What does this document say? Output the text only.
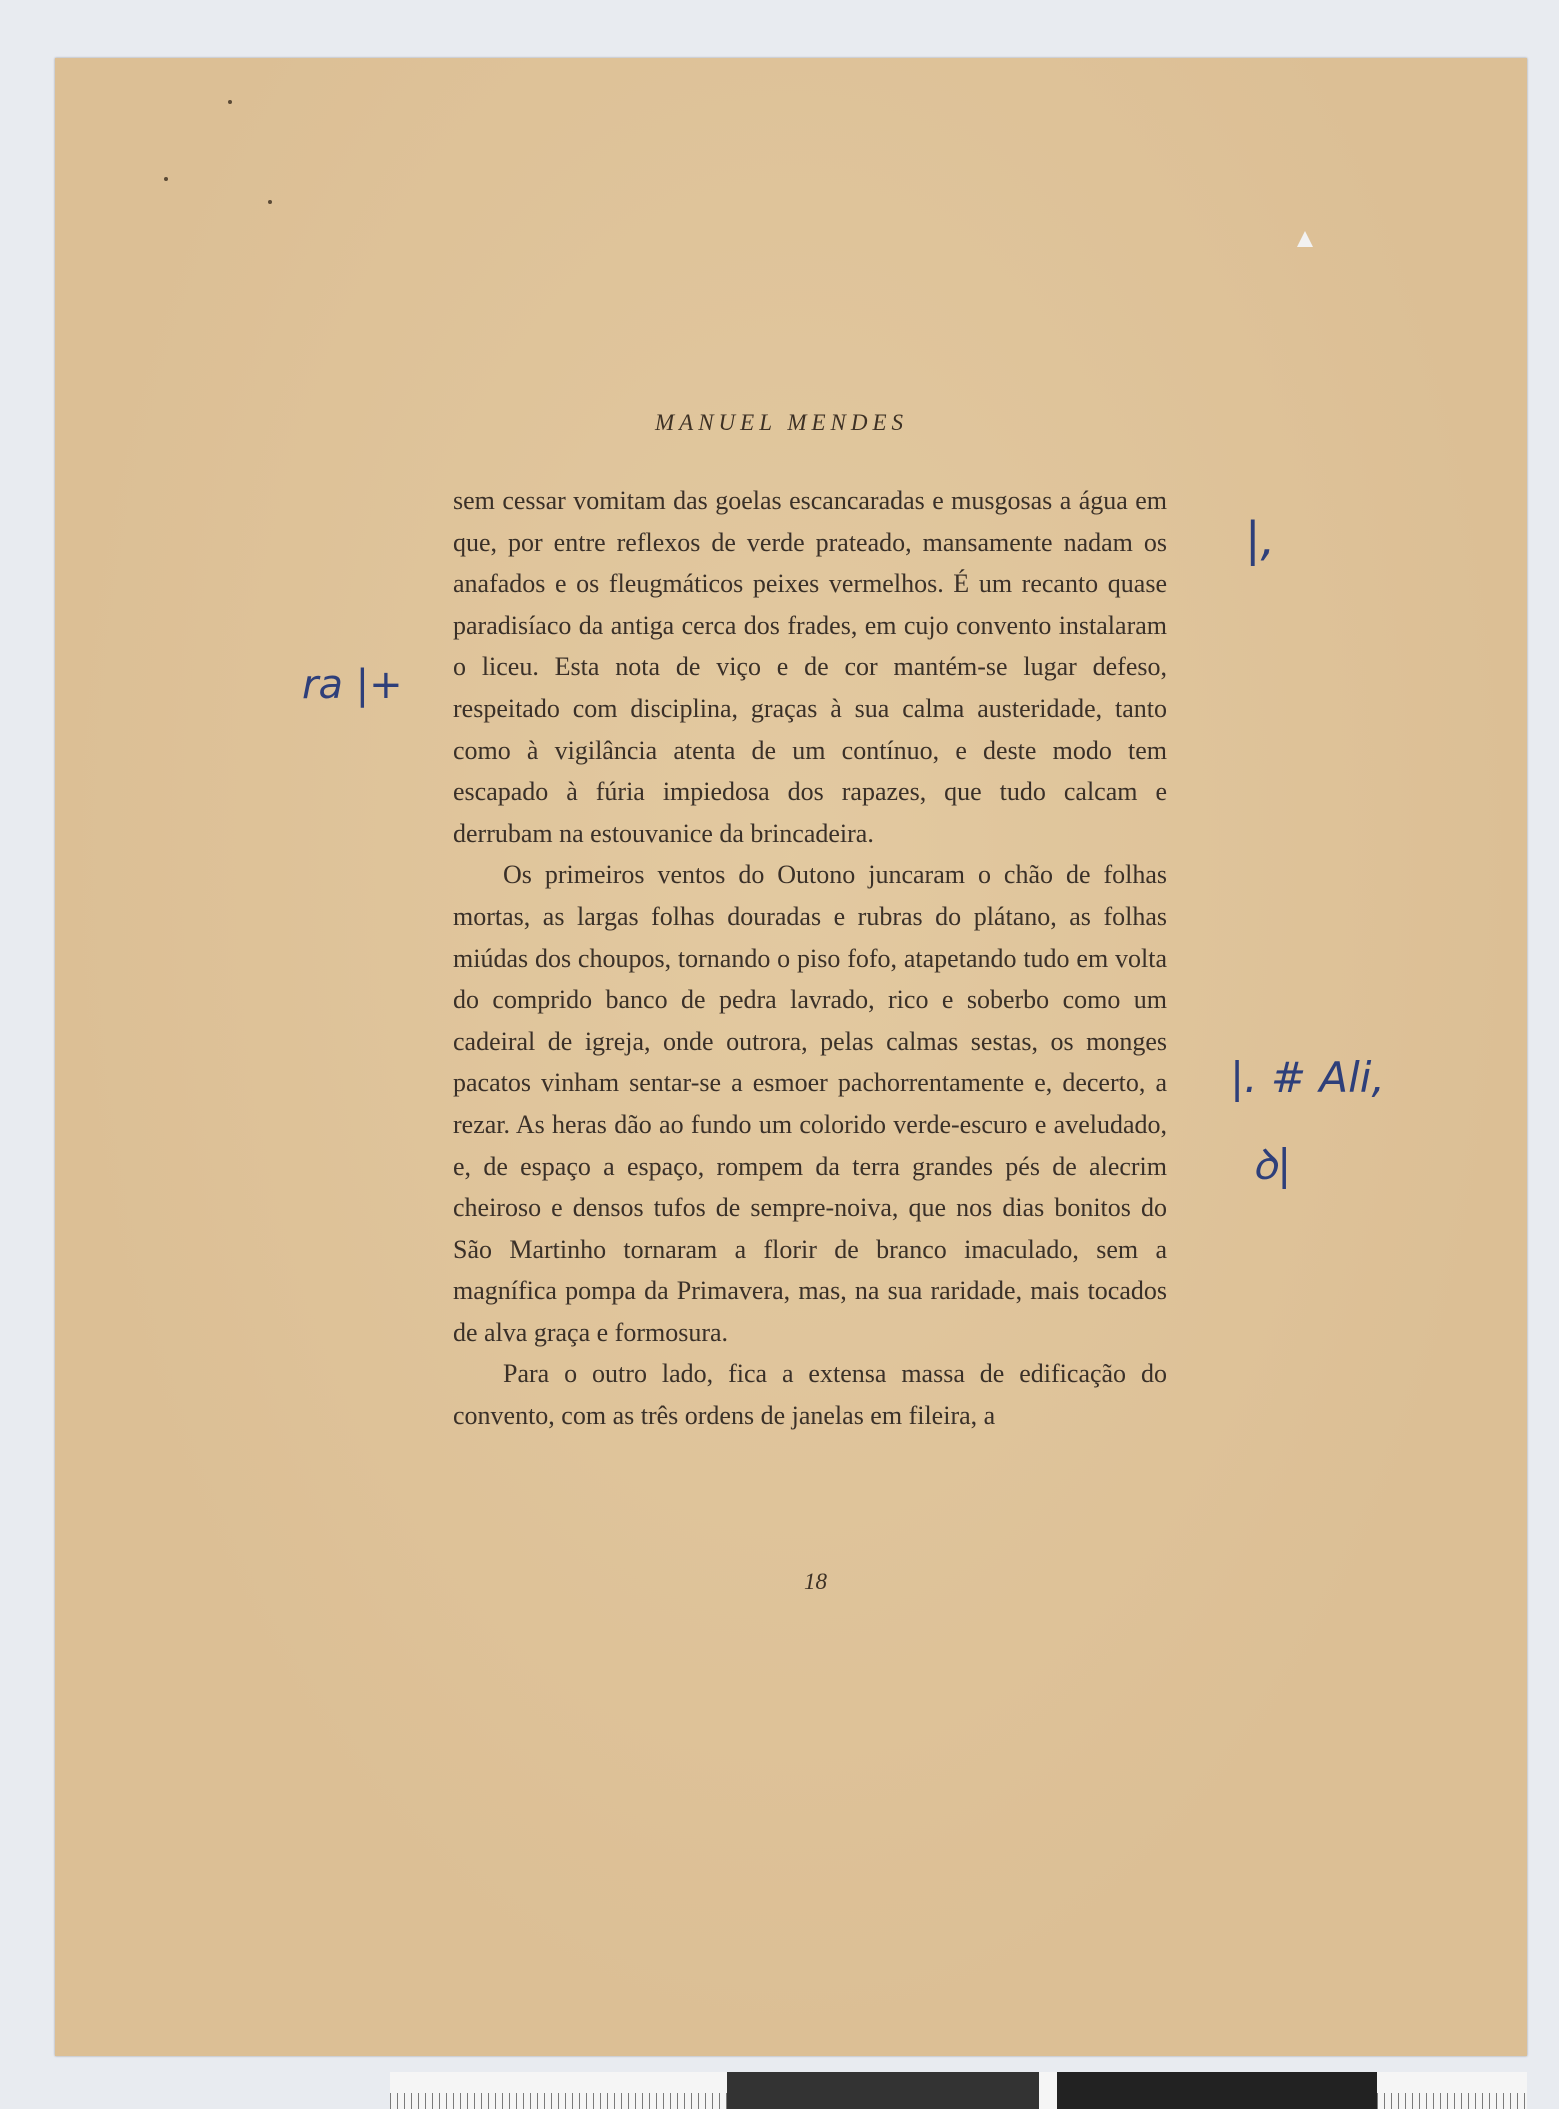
MANUEL MENDES

sem cessar vomitam das goelas escancaradas e musgosas a água em que, por entre reflexos de verde prateado, mansamente nadam os anafados e os fleugmáticos peixes vermelhos. É um recanto quase paradisíaco da antiga cerca dos frades, em cujo convento instalaram o liceu. Esta nota de viço e de cor mantém-se lugar defeso, respeitado com disciplina, graças à sua calma austeridade, tanto como à vigilância atenta de um contínuo, e deste modo tem escapado à fúria impiedosa dos rapazes, que tudo calcam e derrubam na estouvanice da brincadeira.

Os primeiros ventos do Outono juncaram o chão de folhas mortas, as largas folhas douradas e rubras do plátano, as folhas miúdas dos choupos, tornando o piso fofo, atapetando tudo em volta do comprido banco de pedra lavrado, rico e soberbo como um cadeiral de igreja, onde outrora, pelas calmas sestas, os monges pacatos vinham sentar-se a esmoer pachorrentamente e, decerto, a rezar. As heras dão ao fundo um colorido verde-escuro e aveludado, e, de espaço a espaço, rompem da terra grandes pés de alecrim cheiroso e densos tufos de sempre-noiva, que nos dias bonitos do São Martinho tornaram a florir de branco imaculado, sem a magnífica pompa da Primavera, mas, na sua raridade, mais tocados de alva graça e formosura.

Para o outro lado, fica a extensa massa de edificação do convento, com as três ordens de janelas em fileira, a

18
|,
ra |+
|. # Ali,
ꝺ|
